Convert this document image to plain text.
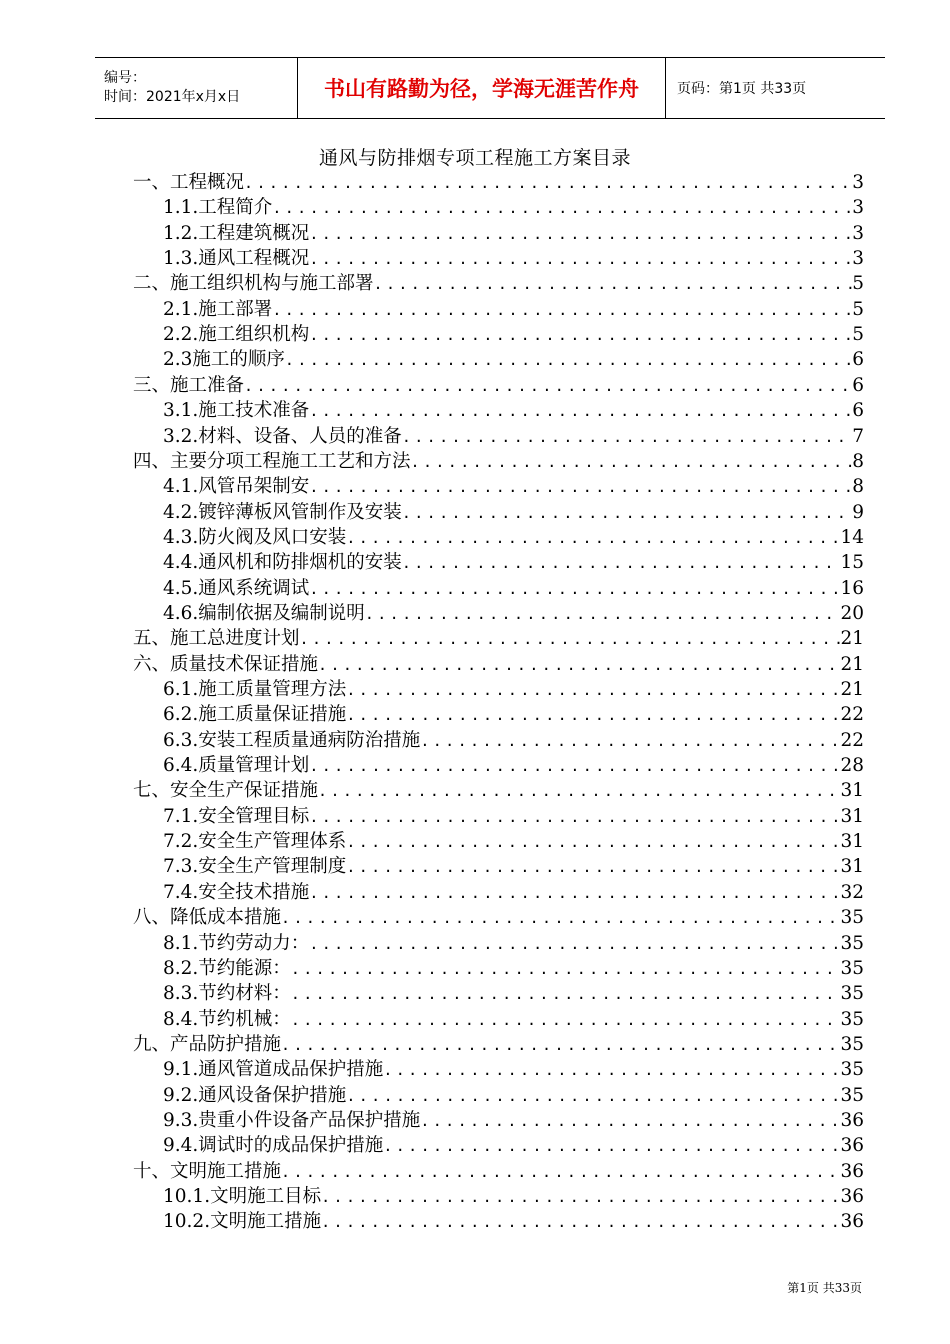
编号：
时间：2021年x月x日	书山有路勤为径，学海无涯苦作舟	页码：第1页 共33页
通风与防排烟专项工程施工方案目录
一、工程概况 .....	3
1.1.工程简介 .....	3
1.2.工程建筑概况 .....	3
1.3.通风工程概况 .....	3
二、施工组织机构与施工部署 .....	5
2.1.施工部署 .....	5
2.2.施工组织机构 .....	5
2.3施工的顺序 .....	6
三、施工准备 .....	6
3.1.施工技术准备 .....	6
3.2.材料、设备、人员的准备 .....	7
四、主要分项工程施工工艺和方法 .....	8
4.1.风管吊架制安 .....	8
4.2.镀锌薄板风管制作及安装 .....	9
4.3.防火阀及风口安装 .....	14
4.4.通风机和防排烟机的安装 .....	15
4.5.通风系统调试 .....	16
4.6.编制依据及编制说明 .....	20
五、施工总进度计划 .....	21
六、质量技术保证措施 .....	21
6.1.施工质量管理方法 .....	21
6.2.施工质量保证措施 .....	22
6.3.安装工程质量通病防治措施 .....	22
6.4.质量管理计划 .....	28
七、安全生产保证措施 .....	31
7.1.安全管理目标 .....	31
7.2.安全生产管理体系 .....	31
7.3.安全生产管理制度 .....	31
7.4.安全技术措施 .....	32
八、降低成本措施 .....	35
8.1.节约劳动力： .....	35
8.2.节约能源： .....	35
8.3.节约材料： .....	35
8.4.节约机械： .....	35
九、产品防护措施 .....	35
9.1.通风管道成品保护措施 .....	35
9.2.通风设备保护措施 .....	35
9.3.贵重小件设备产品保护措施 .....	36
9.4.调试时的成品保护措施 .....	36
十、文明施工措施 .....	36
10.1.文明施工目标 .....	36
10.2.文明施工措施 .....	36
第1页 共33页
